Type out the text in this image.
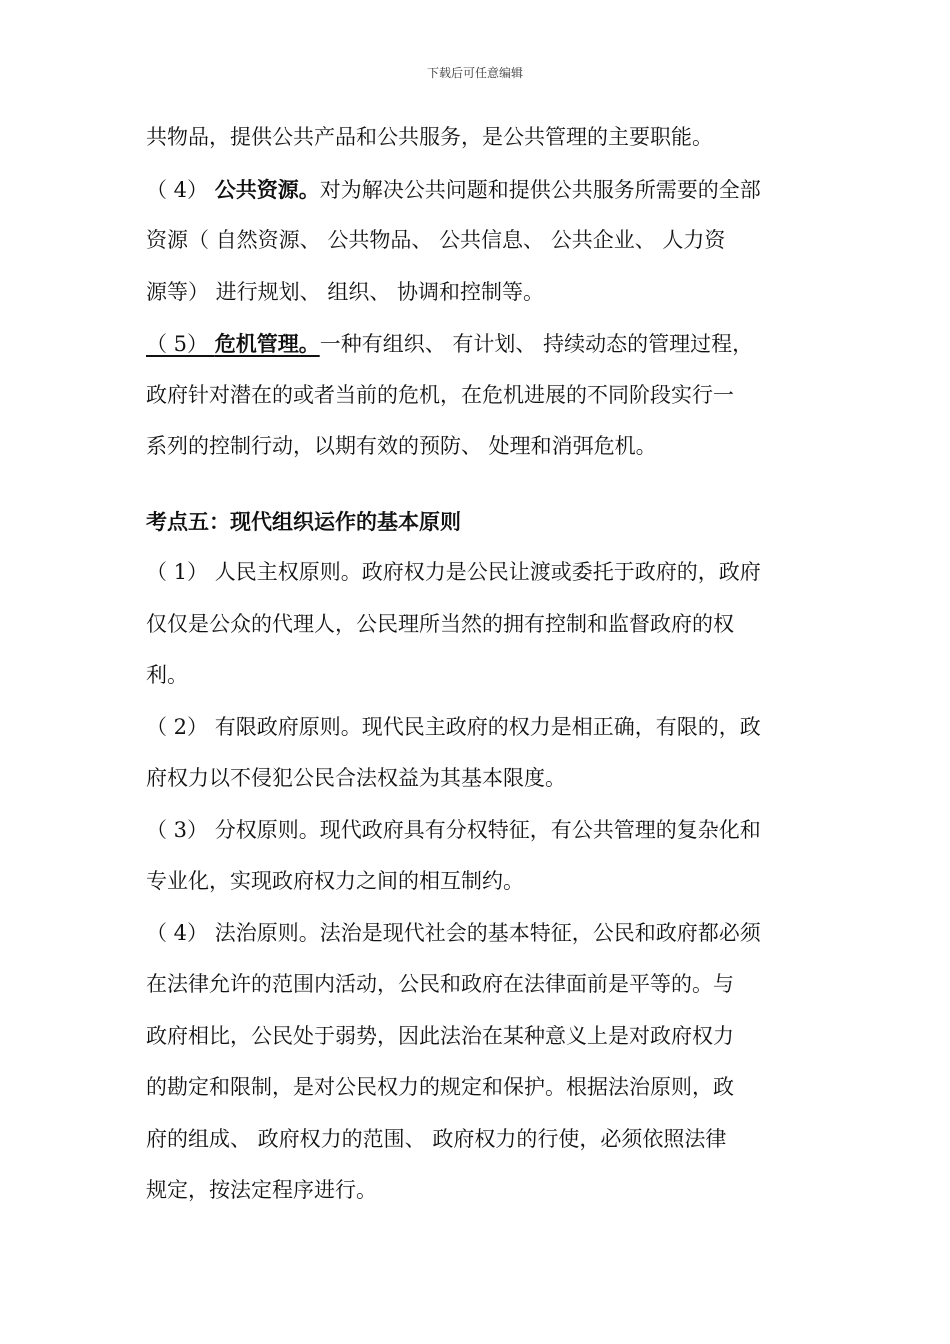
下载后可任意编辑
共物品，提供公共产品和公共服务，是公共管理的主要职能。
（ 4） 公共资源。对为解决公共问题和提供公共服务所需要的全部
资源（ 自然资源、 公共物品、 公共信息、 公共企业、 人力资
源等） 进行规划、 组织、 协调和控制等。
（ 5） 危机管理。一种有组织、 有计划、 持续动态的管理过程，
政府针对潜在的或者当前的危机，在危机进展的不同阶段实行一
系列的控制行动，以期有效的预防、 处理和消弭危机。
考点五：现代组织运作的基本原则
（ 1） 人民主权原则。政府权力是公民让渡或委托于政府的，政府
仅仅是公众的代理人，公民理所当然的拥有控制和监督政府的权
利。
（ 2） 有限政府原则。现代民主政府的权力是相正确，有限的，政
府权力以不侵犯公民合法权益为其基本限度。
（ 3） 分权原则。现代政府具有分权特征，有公共管理的复杂化和
专业化，实现政府权力之间的相互制约。
（ 4） 法治原则。法治是现代社会的基本特征，公民和政府都必须
在法律允许的范围内活动，公民和政府在法律面前是平等的。与
政府相比，公民处于弱势，因此法治在某种意义上是对政府权力
的勘定和限制，是对公民权力的规定和保护。根据法治原则，政
府的组成、 政府权力的范围、 政府权力的行使，必须依照法律
规定，按法定程序进行。
